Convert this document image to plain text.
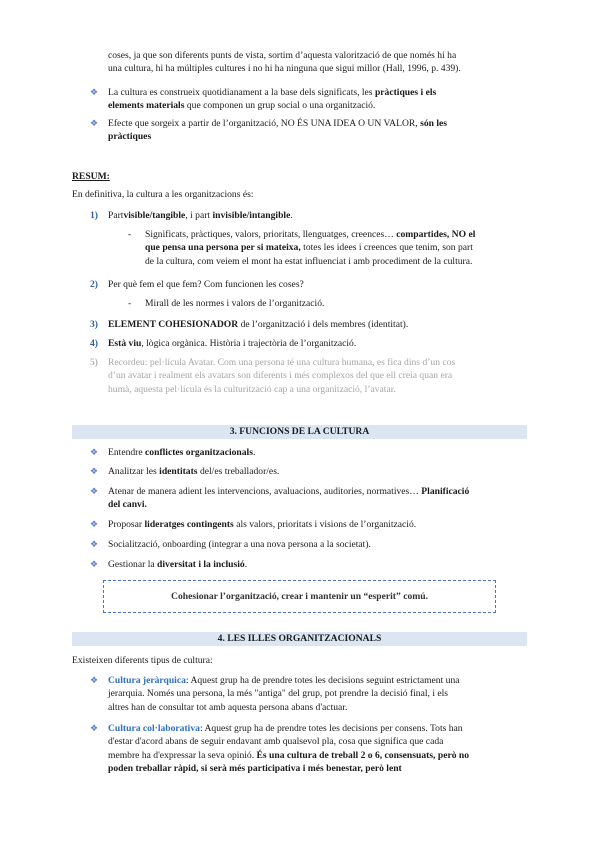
coses, ja que son diferents punts de vista, sortim d’aquesta valorització de que només hi ha
una cultura, hi ha múltiples cultures i no hi ha ninguna que sigui millor (Hall, 1996, p. 439).
❖ La cultura es construeix quotidianament a la base dels significats, les pràctiques i els
elements materials que componen un grup social o una organització.
❖ Efecte que sorgeix a partir de l’organització, NO ÉS UNA IDEA O UN VALOR, són les
pràctiques
RESUM:
En definitiva, la cultura a les organitzacions és:
1) Partvisible/tangible, i part invisible/intangible.
- Significats, pràctiques, valors, prioritats, llenguatges, creences… compartides, NO el
que pensa una persona per si mateixa, totes les idees i creences que tenim, son part
de la cultura, com veiem el mont ha estat influenciat i amb procediment de la cultura.
2) Per què fem el que fem? Com funcionen les coses?
- Mirall de les normes i valors de l’organització.
3) ELEMENT COHESIONADOR de l’organització i dels membres (identitat).
4) Està viu, lògica orgànica. Història i trajectòria de l’organització.
5) Recordeu: pel·lícula Avatar. Com una persona té una cultura humana, es fica dins d’un cos
d’un avatar i realment els avatars son diferents i més complexos del que ell creia quan era
humà, aquesta pel·lícula és la culturització cap a una organització, l’avatar.
3. FUNCIONS DE LA CULTURA
❖ Entendre conflictes organitzacionals.
❖ Analitzar les identitats del/es treballador/es.
❖ Atenar de manera adient les intervencions, avaluacions, auditories, normatives… Planificació
del canvi.
❖ Proposar lideratges contingents als valors, prioritats i visions de l’organització.
❖ Socialització, onboarding (integrar a una nova persona a la societat).
❖ Gestionar la diversitat i la inclusió.
Cohesionar l’organització, crear i mantenir un “esperit” comú.
4. LES ILLES ORGANITZACIONALS
Existeixen diferents tipus de cultura:
❖ Cultura jeràrquica: Aquest grup ha de prendre totes les decisions seguint estrictament una
jerarquia. Només una persona, la més "antiga" del grup, pot prendre la decisió final, i els
altres han de consultar tot amb aquesta persona abans d'actuar.
❖ Cultura col·laborativa: Aquest grup ha de prendre totes les decisions per consens. Tots han
d'estar d'acord abans de seguir endavant amb qualsevol pla, cosa que significa que cada
membre ha d'expressar la seva opinió. És una cultura de treball 2 o 6, consensuats, però no
poden treballar ràpid, si serà més participativa i més benestar, però lent
